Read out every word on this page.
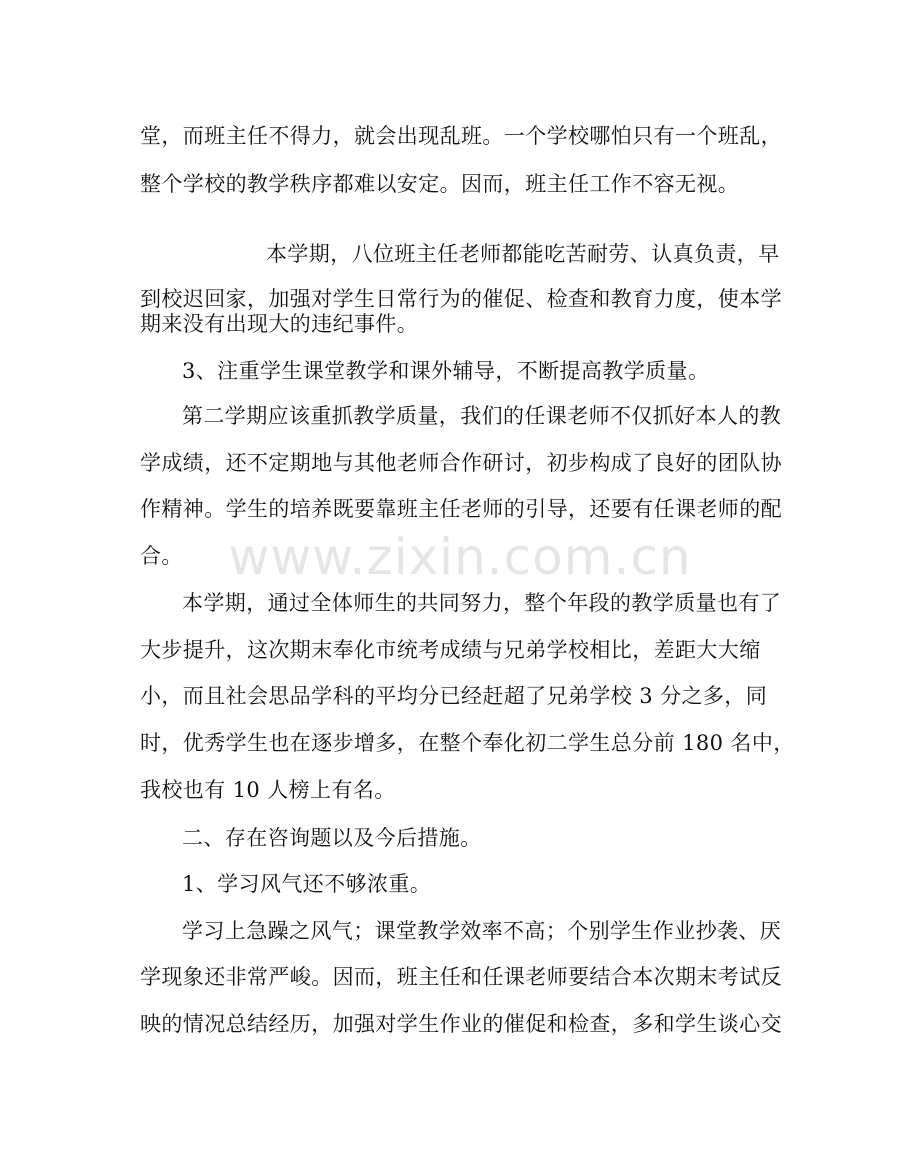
堂，而班主任不得力，就会出现乱班。一个学校哪怕只有一个班乱，
整个学校的教学秩序都难以安定。因而，班主任工作不容无视。
本学期，八位班主任老师都能吃苦耐劳、认真负责，早
到校迟回家，加强对学生日常行为的催促、检查和教育力度，使本学
期来没有出现大的违纪事件。
3、注重学生课堂教学和课外辅导，不断提高教学质量。
第二学期应该重抓教学质量，我们的任课老师不仅抓好本人的教
学成绩，还不定期地与其他老师合作研讨，初步构成了良好的团队协
作精神。学生的培养既要靠班主任老师的引导，还要有任课老师的配
合。
本学期，通过全体师生的共同努力，整个年段的教学质量也有了
大步提升，这次期末奉化市统考成绩与兄弟学校相比，差距大大缩
小，而且社会思品学科的平均分已经赶超了兄弟学校 3 分之多，同
时，优秀学生也在逐步增多，在整个奉化初二学生总分前 180 名中，
我校也有 10 人榜上有名。
二、存在咨询题以及今后措施。
1、学习风气还不够浓重。
学习上急躁之风气；课堂教学效率不高；个别学生作业抄袭、厌
学现象还非常严峻。因而，班主任和任课老师要结合本次期末考试反
映的情况总结经历，加强对学生作业的催促和检查，多和学生谈心交
www.zixin.com.cn
